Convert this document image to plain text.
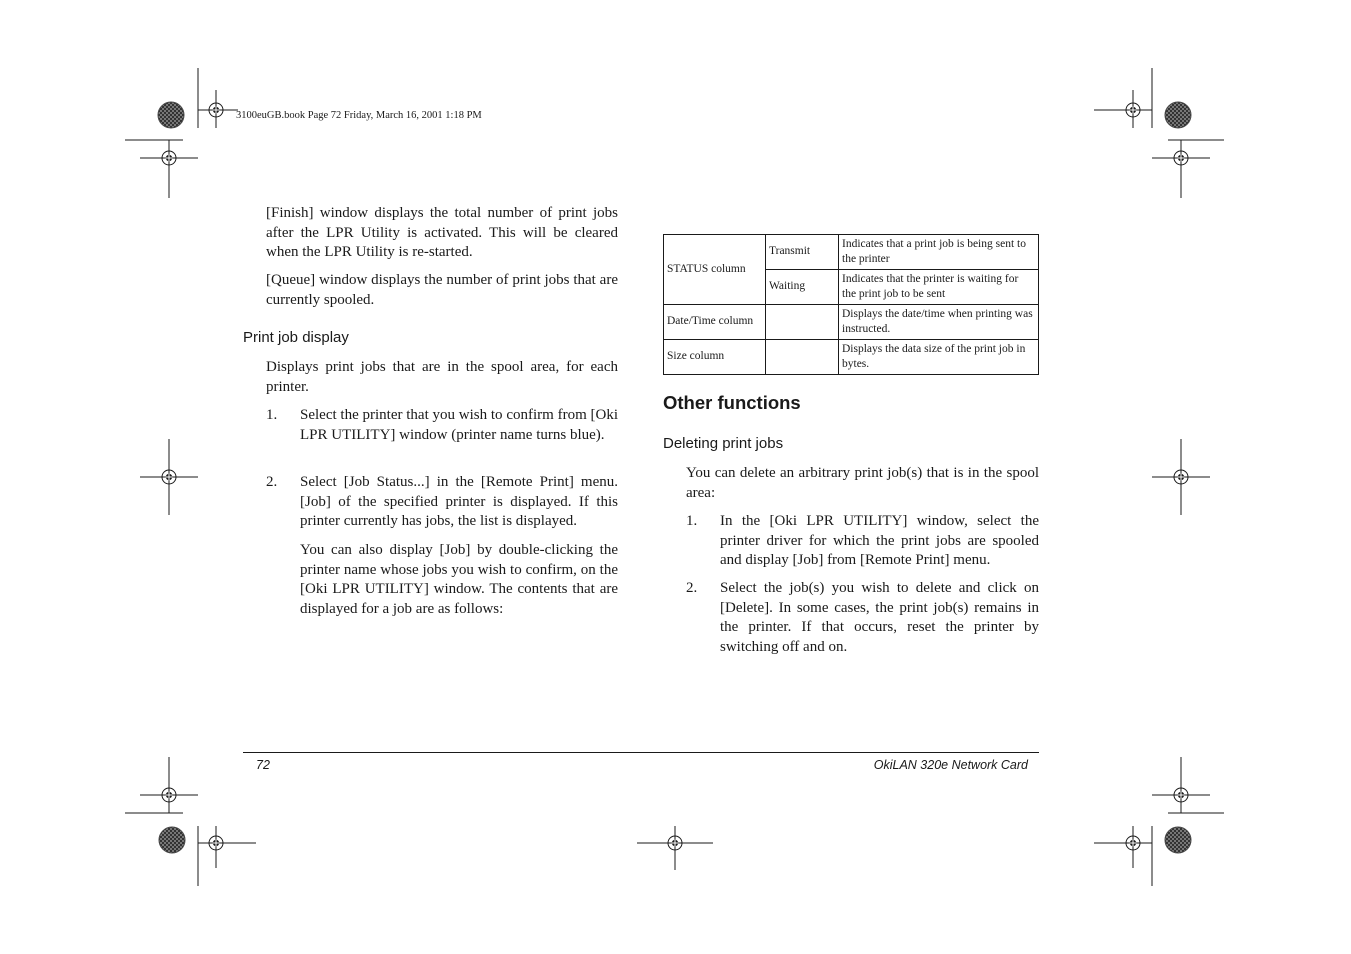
3100euGB.book Page 72 Friday, March 16, 2001 1:18 PM

[Finish] window displays the total number of print jobs after the LPR Utility is activated. This will be cleared when the LPR Utility is re-started.

[Queue] window displays the number of print jobs that are currently spooled.

Print job display

Displays print jobs that are in the spool area, for each printer.

1. Select the printer that you wish to confirm from [Oki LPR UTILITY] window (printer name turns blue).

2. Select [Job Status...] in the [Remote Print] menu. [Job] of the specified printer is displayed. If this printer currently has jobs, the list is displayed.

You can also display [Job] by double-clicking the printer name whose jobs you wish to confirm, on the [Oki LPR UTILITY] window. The contents that are displayed for a job are as follows:

STATUS column	Transmit	Indicates that a print job is being sent to the printer
	Waiting	Indicates that the printer is waiting for the print job to be sent
Date/Time column		Displays the date/time when printing was instructed.
Size column		Displays the data size of the print job in bytes.
Other functions
Deleting print jobs

You can delete an arbitrary print job(s) that is in the spool area:

1. In the [Oki LPR UTILITY] window, select the printer driver for which the print jobs are spooled and display [Job] from [Remote Print] menu.

2. Select the job(s) you wish to delete and click on [Delete]. In some cases, the print job(s) remains in the printer. If that occurs, reset the printer by switching off and on.

72	OkiLAN 320e Network Card
